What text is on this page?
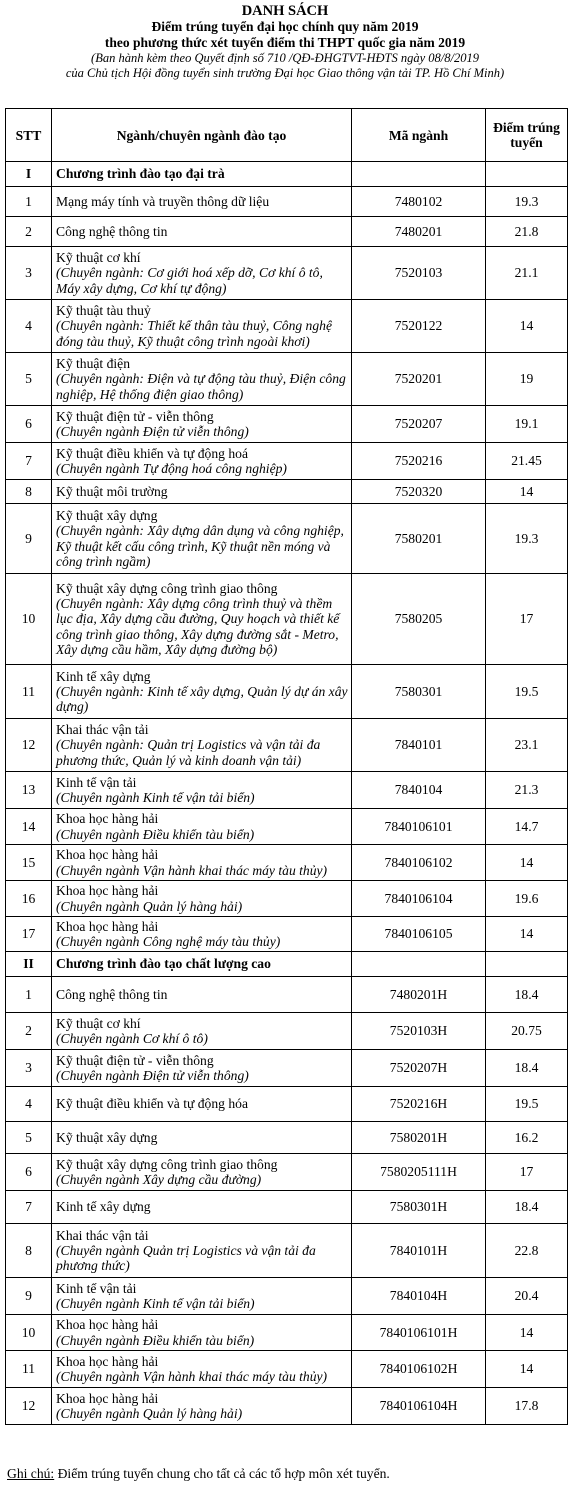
DANH SÁCH
Điểm trúng tuyển đại học chính quy năm 2019
theo phương thức xét tuyển điểm thi THPT quốc gia năm 2019
(Ban hành kèm theo Quyết định số 710 /QĐ-ĐHGTVT-HĐTS ngày 08/8/2019
của Chủ tịch Hội đồng tuyển sinh trường Đại học Giao thông vận tải TP. Hồ Chí Minh)
STT	Ngành/chuyên ngành đào tạo	Mã ngành	Điểm trúng tuyển
I	Chương trình đào tạo đại trà		
1	Mạng máy tính và truyền thông dữ liệu	7480102	19.3
2	Công nghệ thông tin	7480201	21.8
3	Kỹ thuật cơ khí
(Chuyên ngành: Cơ giới hoá xếp dỡ, Cơ khí ô tô, Máy xây dựng, Cơ khí tự động)	7520103	21.1
4	Kỹ thuật tàu thuỷ
(Chuyên ngành: Thiết kế thân tàu thuỷ, Công nghệ đóng tàu thuỷ, Kỹ thuật công trình ngoài khơi)	7520122	14
5	Kỹ thuật điện
(Chuyên ngành: Điện và tự động tàu thuỷ, Điện công nghiệp, Hệ thống điện giao thông)	7520201	19
6	Kỹ thuật điện tử - viễn thông
(Chuyên ngành Điện tử viễn thông)	7520207	19.1
7	Kỹ thuật điều khiển và tự động hoá
(Chuyên ngành Tự động hoá công nghiệp)	7520216	21.45
8	Kỹ thuật môi trường	7520320	14
9	Kỹ thuật xây dựng
(Chuyên ngành: Xây dựng dân dụng và công nghiệp, Kỹ thuật kết cấu công trình, Kỹ thuật nền móng và công trình ngầm)	7580201	19.3
10	Kỹ thuật xây dựng công trình giao thông
(Chuyên ngành: Xây dựng công trình thuỷ và thềm lục địa, Xây dựng cầu đường, Quy hoạch và thiết kế công trình giao thông, Xây dựng đường sắt - Metro, Xây dựng cầu hầm, Xây dựng đường bộ)	7580205	17
11	Kinh tế xây dựng
(Chuyên ngành: Kinh tế xây dựng, Quản lý dự án xây dựng)	7580301	19.5
12	Khai thác vận tải
(Chuyên ngành: Quản trị Logistics và vận tải đa phương thức, Quản lý và kinh doanh vận tải)	7840101	23.1
13	Kinh tế vận tải
(Chuyên ngành Kinh tế vận tải biển)	7840104	21.3
14	Khoa học hàng hải
(Chuyên ngành Điều khiển tàu biển)	7840106101	14.7
15	Khoa học hàng hải
(Chuyên ngành Vận hành khai thác máy tàu thủy)	7840106102	14
16	Khoa học hàng hải
(Chuyên ngành Quản lý hàng hải)	7840106104	19.6
17	Khoa học hàng hải
(Chuyên ngành Công nghệ máy tàu thủy)	7840106105	14
II	Chương trình đào tạo chất lượng cao		
1	Công nghệ thông tin	7480201H	18.4
2	Kỹ thuật cơ khí
(Chuyên ngành Cơ khí ô tô)	7520103H	20.75
3	Kỹ thuật điện tử - viễn thông
(Chuyên ngành Điện tử viễn thông)	7520207H	18.4
4	Kỹ thuật điều khiển và tự động hóa	7520216H	19.5
5	Kỹ thuật xây dựng	7580201H	16.2
6	Kỹ thuật xây dựng công trình giao thông
(Chuyên ngành Xây dựng cầu đường)	7580205111H	17
7	Kinh tế xây dựng	7580301H	18.4
8	Khai thác vận tải
(Chuyên ngành Quản trị Logistics và vận tải đa phương thức)	7840101H	22.8
9	Kinh tế vận tải
(Chuyên ngành Kinh tế vận tải biển)	7840104H	20.4
10	Khoa học hàng hải
(Chuyên ngành Điều khiển tàu biển)	7840106101H	14
11	Khoa học hàng hải
(Chuyên ngành Vận hành khai thác máy tàu thủy)	7840106102H	14
12	Khoa học hàng hải
(Chuyên ngành Quản lý hàng hải)	7840106104H	17.8
Ghi chú: Điểm trúng tuyển chung cho tất cả các tổ hợp môn xét tuyển.
